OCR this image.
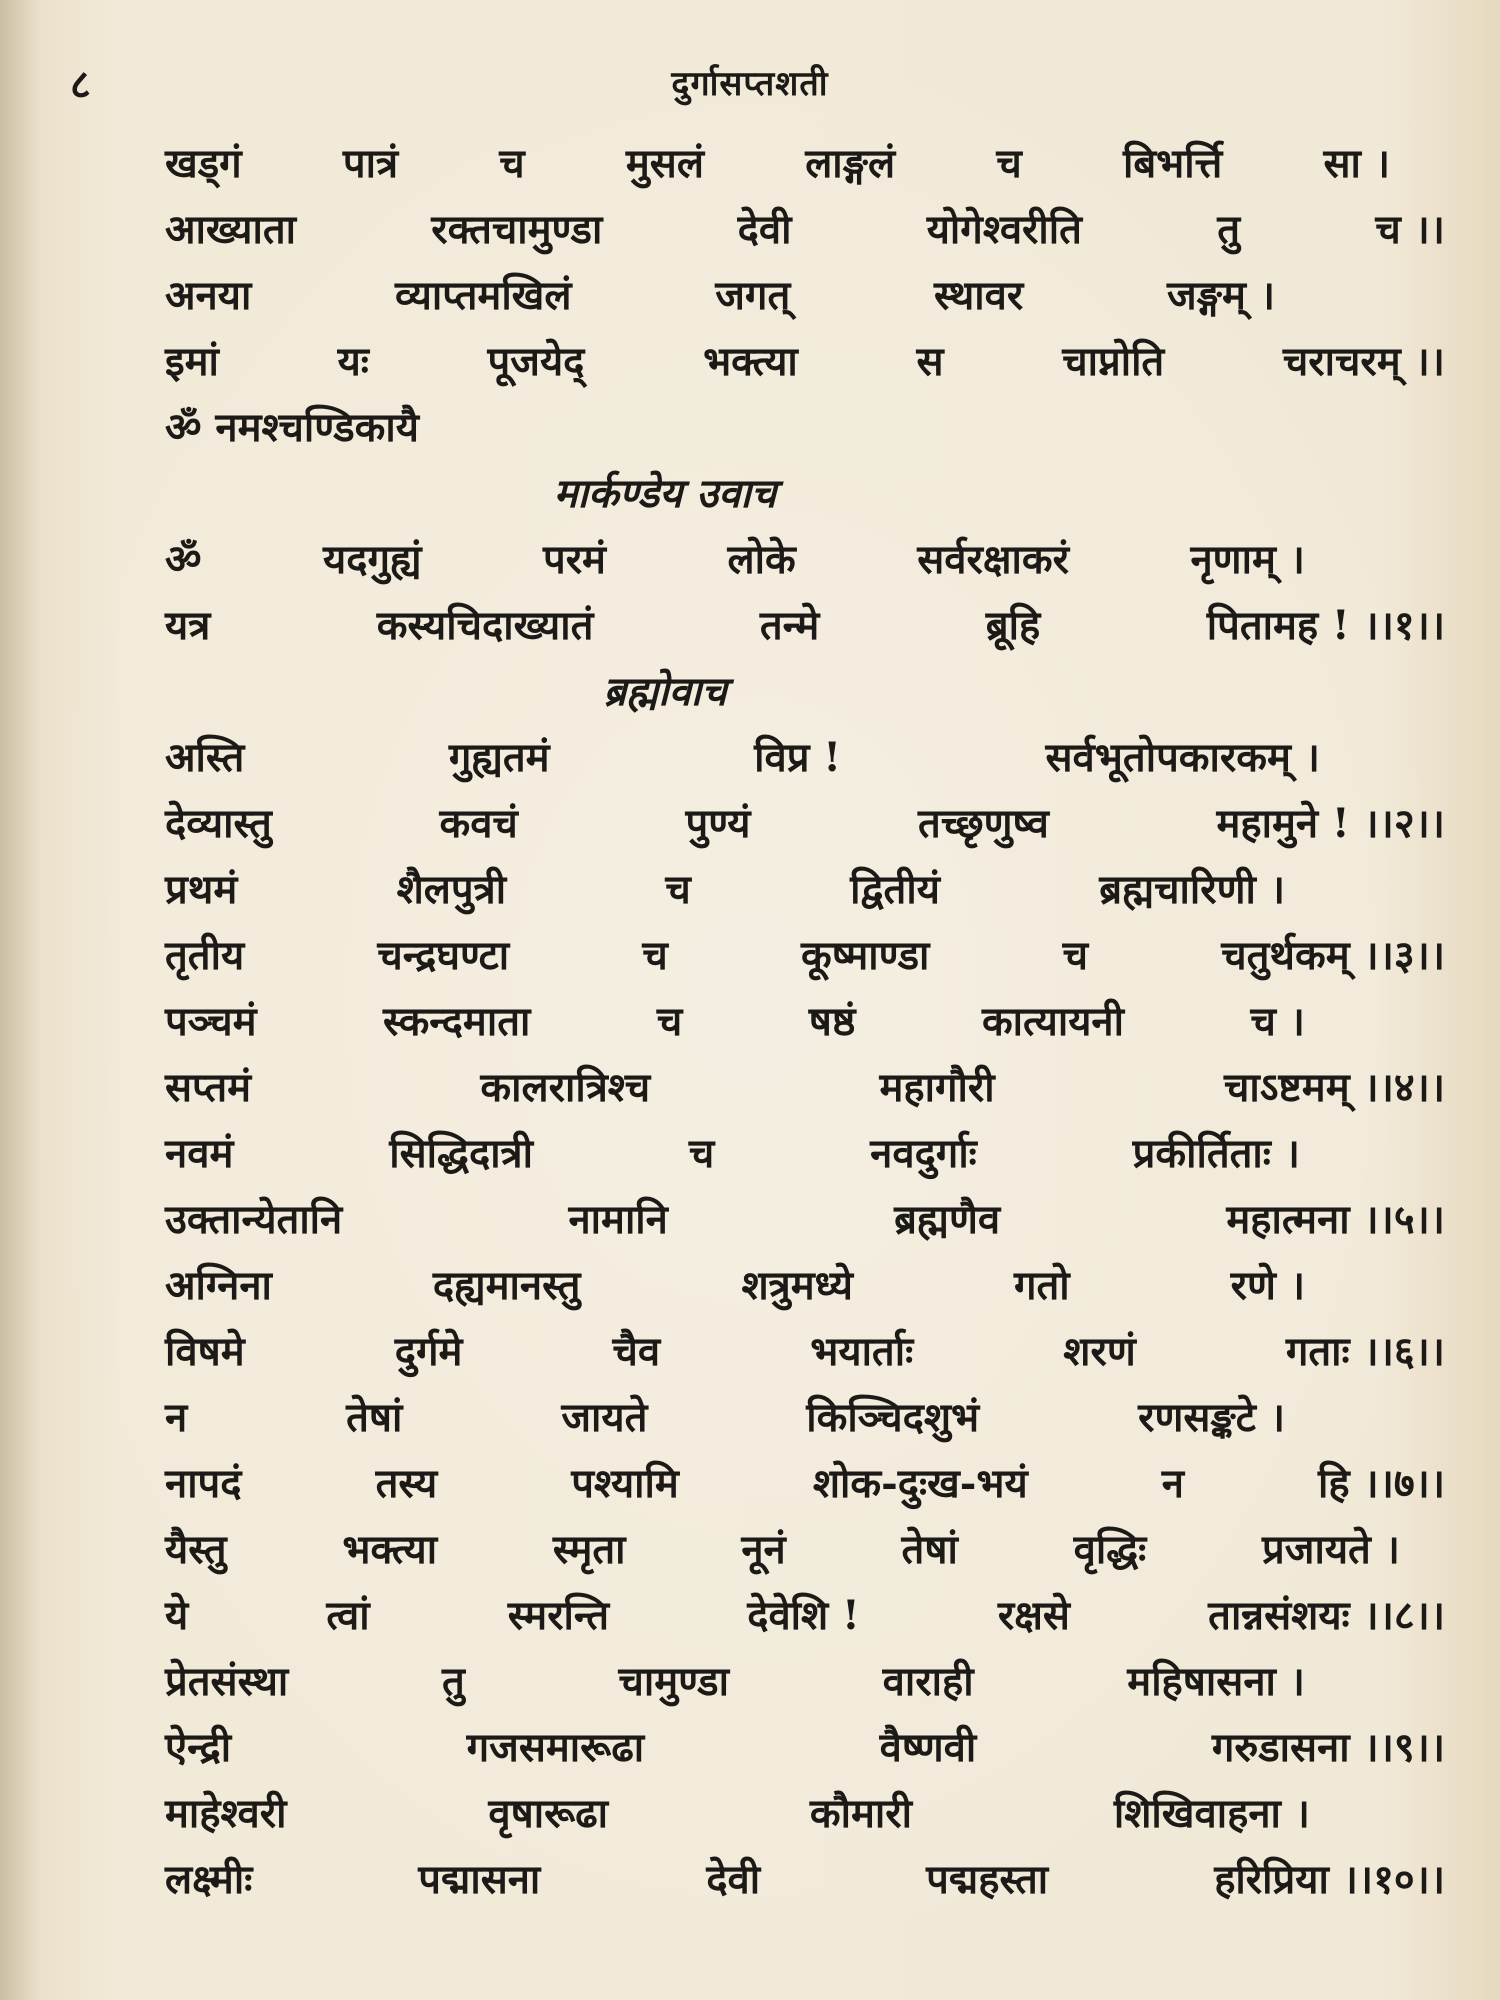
८	दुर्गासप्तशती
खड्गं	पात्रं	च	मुसलं	लाङ्गलं	च	बिभर्त्ति	सा ।
आख्याता	रक्तचामुण्डा	देवी	योगेश्वरीति	तु	च ।।
अनया	व्याप्तमखिलं	जगत्	स्थावर	जङ्गम् ।
इमां	यः	पूजयेद्	भक्त्या	स	चाप्नोति	चराचरम् ।।
ॐ नमश्चण्डिकायै
मार्कण्डेय उवाच
ॐ	यदगुह्यं	परमं	लोके	सर्वरक्षाकरं	नृणाम् ।
यत्र	कस्यचिदाख्यातं	तन्मे	ब्रूहि	पितामह ! ।।१।।
ब्रह्मोवाच
अस्ति	गुह्यतमं	विप्र !	सर्वभूतोपकारकम् ।
देव्यास्तु	कवचं	पुण्यं	तच्छृणुष्व	महामुने ! ।।२।।
प्रथमं	शैलपुत्री	च	द्वितीयं	ब्रह्मचारिणी ।
तृतीय	चन्द्रघण्टा	च	कूष्माण्डा	च	चतुर्थकम् ।।३।।
पञ्चमं	स्कन्दमाता	च	षष्ठं	कात्यायनी	च ।
सप्तमं	कालरात्रिश्च	महागौरी	चाऽष्टमम् ।।४।।
नवमं	सिद्धिदात्री	च	नवदुर्गाः	प्रकीर्तिताः ।
उक्तान्येतानि	नामानि	ब्रह्मणैव	महात्मना ।।५।।
अग्निना	दह्यमानस्तु	शत्रुमध्ये	गतो	रणे ।
विषमे	दुर्गमे	चैव	भयार्ताः	शरणं	गताः ।।६।।
न	तेषां	जायते	किञ्चिदशुभं	रणसङ्कटे ।
नापदं	तस्य	पश्यामि	शोक-दुःख-भयं	न	हि ।।७।।
यैस्तु	भक्त्या	स्मृता	नूनं	तेषां	वृद्धिः	प्रजायते ।
ये	त्वां	स्मरन्ति	देवेशि !	रक्षसे	तान्नसंशयः ।।८।।
प्रेतसंस्था	तु	चामुण्डा	वाराही	महिषासना ।
ऐन्द्री	गजसमारूढा	वैष्णवी	गरुडासना ।।९।।
माहेश्वरी	वृषारूढा	कौमारी	शिखिवाहना ।
लक्ष्मीः	पद्मासना	देवी	पद्महस्ता	हरिप्रिया ।।१०।।
